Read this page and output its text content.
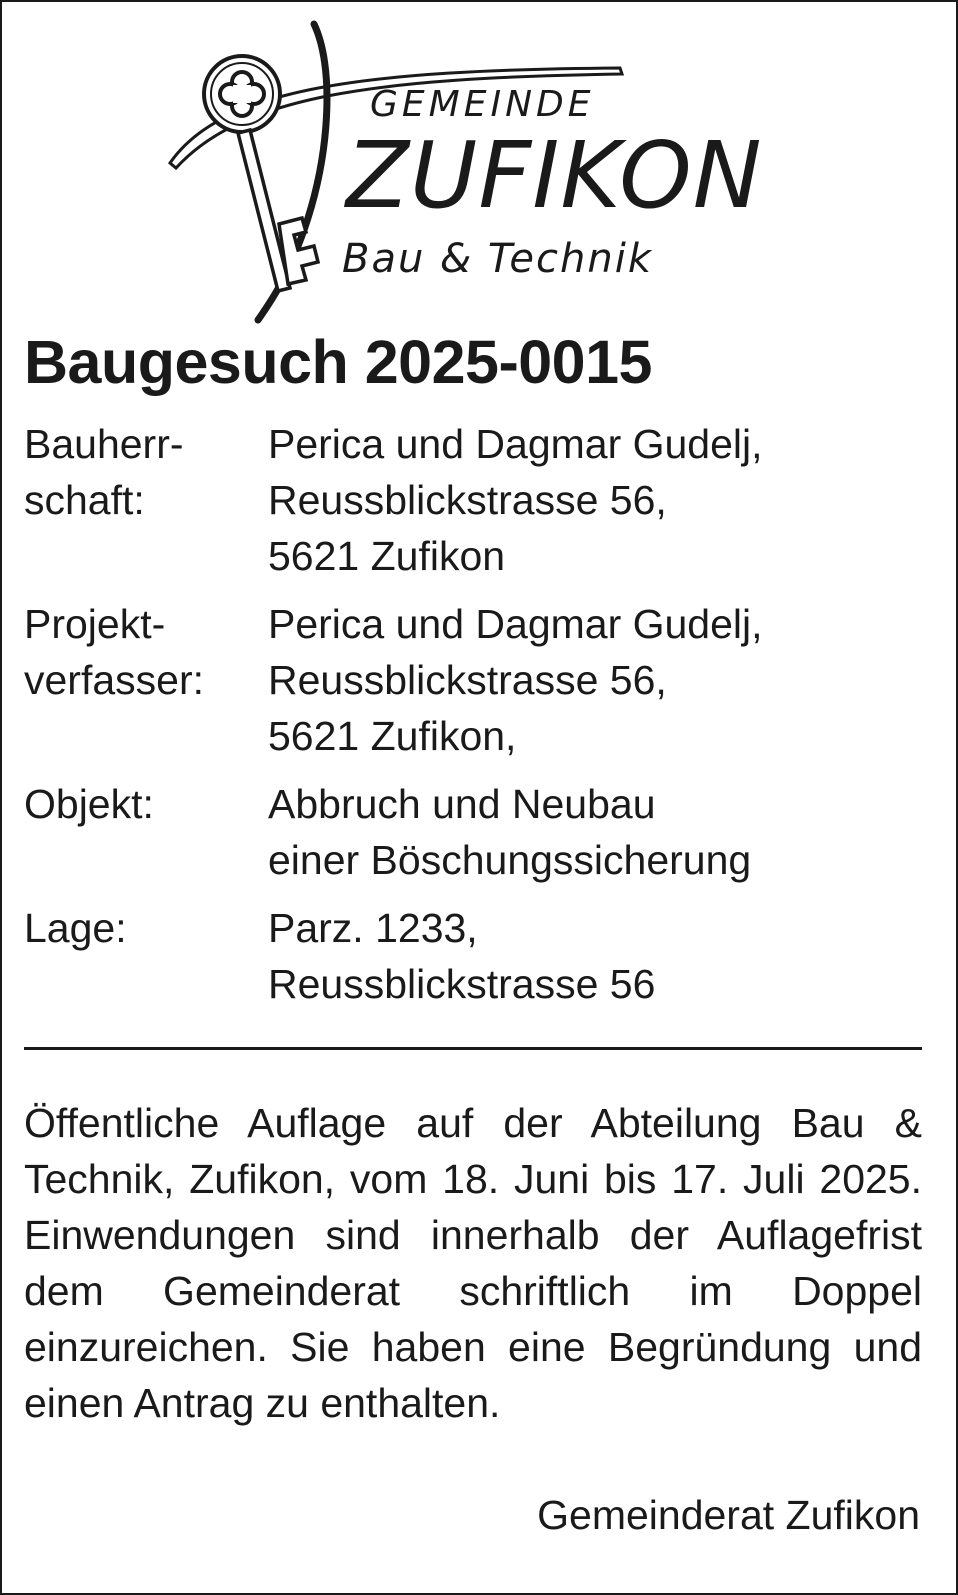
GEMEINDE
ZUFIKON
Bau & Technik
Baugesuch 2025-0015
Bauherr-
schaft:
Perica und Dagmar Gudelj,
Reussblickstrasse 56,
5621 Zufikon
Projekt-
verfasser:
Perica und Dagmar Gudelj,
Reussblickstrasse 56,
5621 Zufikon,
Objekt:	Abbruch und Neubau
einer Böschungssicherung
Lage:	Parz. 1233,
Reussblickstrasse 56

Öffentliche Auflage auf der Abteilung Bau & Technik, Zufikon, vom 18. Juni bis 17. Juli 2025. Einwendungen sind innerhalb der Auflagefrist dem Gemeinderat schriftlich im Doppel einzureichen. Sie haben eine Begründung und einen Antrag zu enthalten.

Gemeinderat Zufikon
